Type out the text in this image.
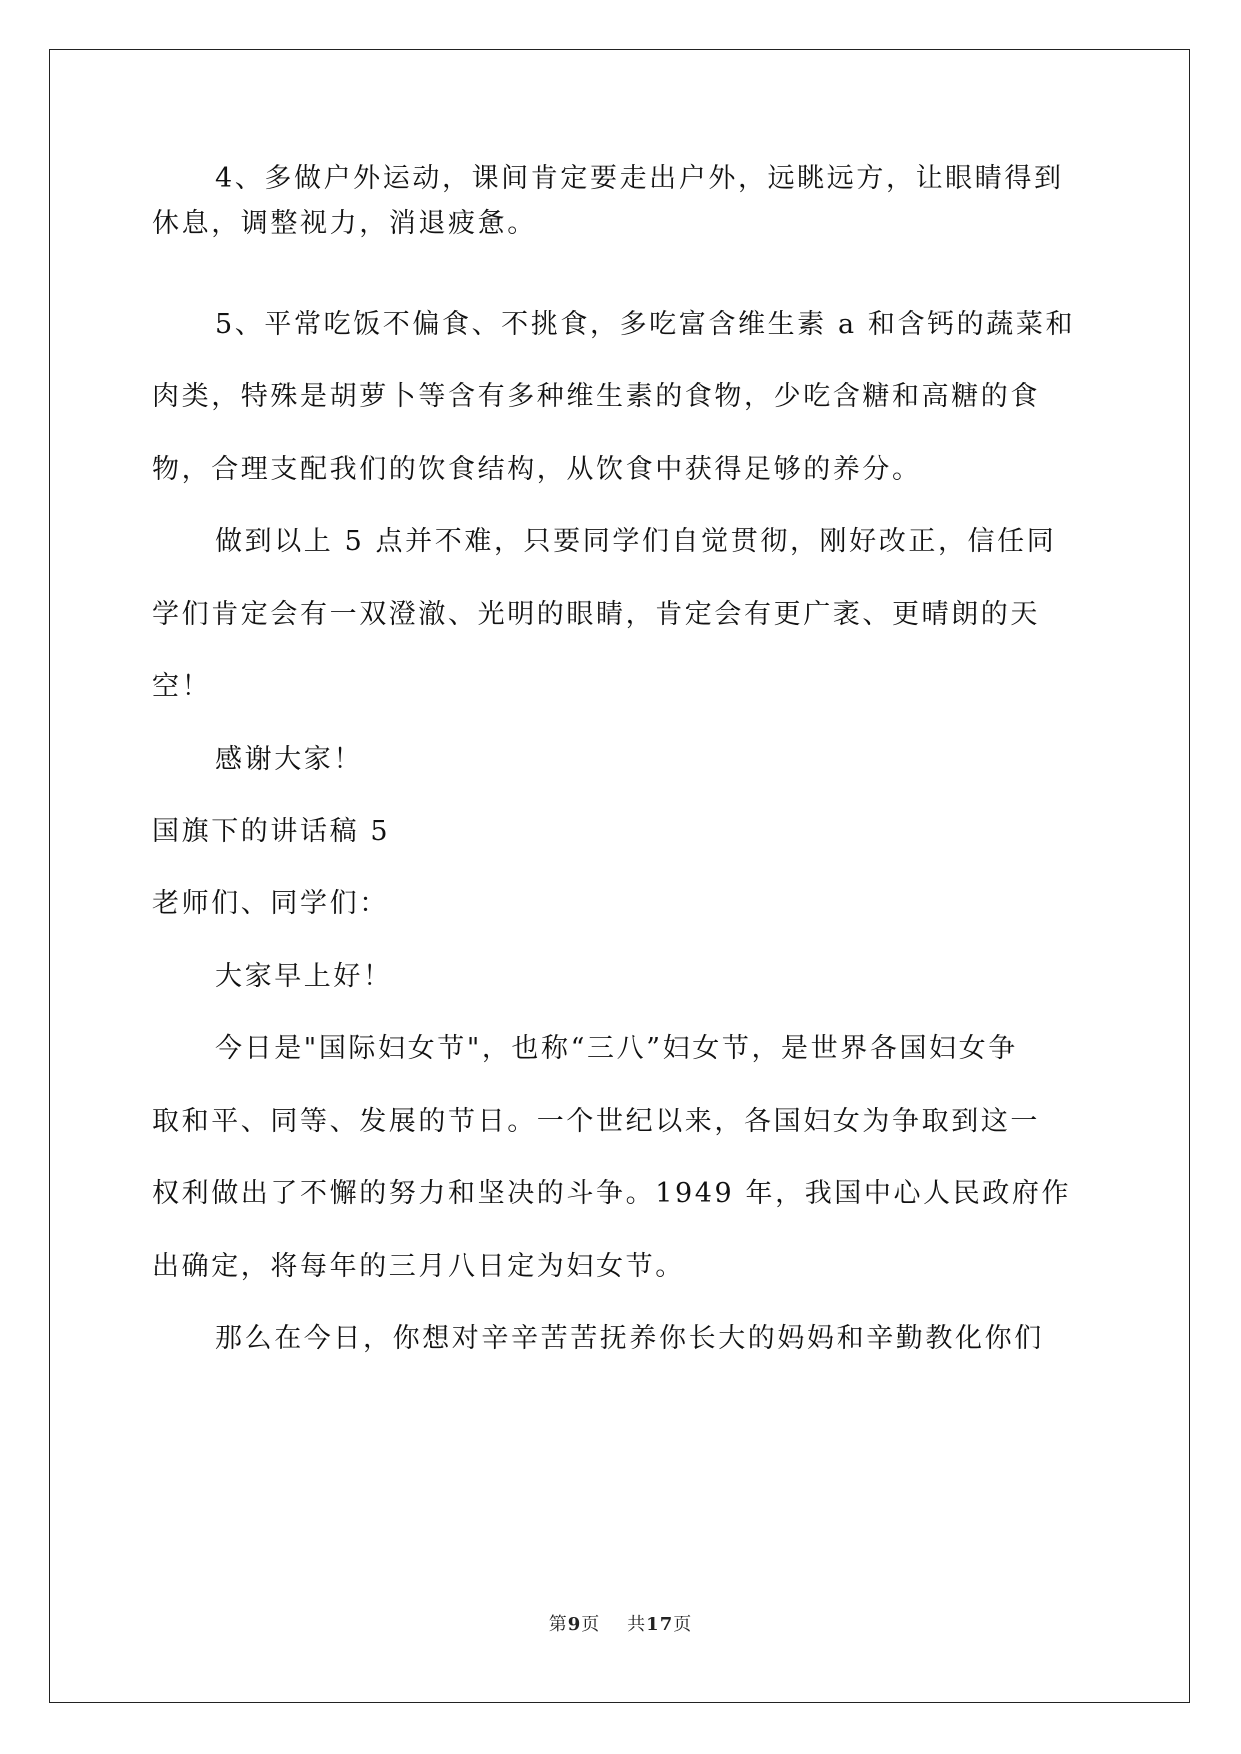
4、多做户外运动，课间肯定要走出户外，远眺远方，让眼睛得到
休息，调整视力，消退疲惫。
5、平常吃饭不偏食、不挑食，多吃富含维生素 a 和含钙的蔬菜和
肉类，特殊是胡萝卜等含有多种维生素的食物，少吃含糖和高糖的食
物，合理支配我们的饮食结构，从饮食中获得足够的养分。
做到以上 5 点并不难，只要同学们自觉贯彻，刚好改正，信任同
学们肯定会有一双澄澈、光明的眼睛，肯定会有更广袤、更晴朗的天
空！
感谢大家！
国旗下的讲话稿 5
老师们、同学们：
大家早上好！
今日是"国际妇女节"，也称“三八”妇女节，是世界各国妇女争
取和平、同等、发展的节日。一个世纪以来，各国妇女为争取到这一
权利做出了不懈的努力和坚决的斗争。1949 年，我国中心人民政府作
出确定，将每年的三月八日定为妇女节。
那么在今日，你想对辛辛苦苦抚养你长大的妈妈和辛勤教化你们
第9页 共17页
